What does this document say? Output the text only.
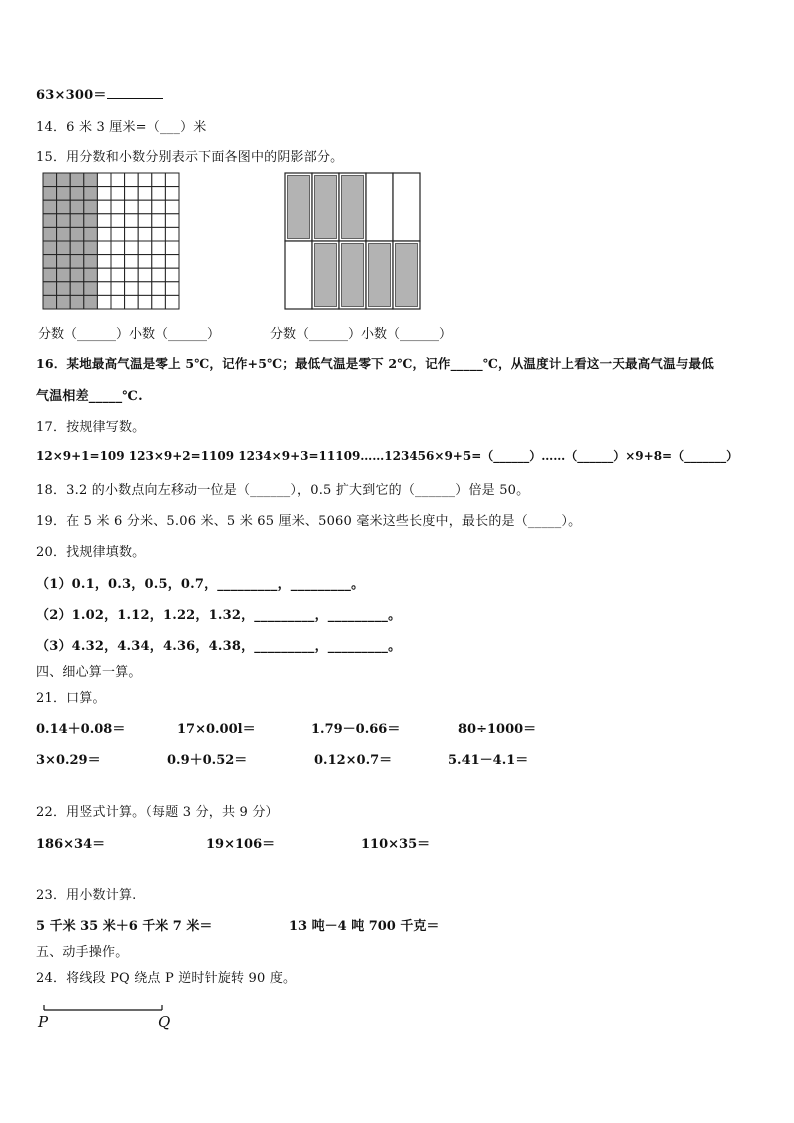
63×300＝
14．6 米 3 厘米=（___）米
15．用分数和小数分别表示下面各图中的阴影部分。
分数（______）小数（______）	分数（______）小数（______）
16．某地最高气温是零上 5℃，记作+5℃；最低气温是零下 2℃，记作_____℃，从温度计上看这一天最高气温与最低
气温相差_____℃.
17．按规律写数。
12×9+1=109 123×9+2=1109 1234×9+3=11109……123456×9+5=（______）……（______）×9+8=（_______）
18．3.2 的小数点向左移动一位是（______），0.5 扩大到它的（______）倍是 50。
19．在 5 米 6 分米、5.06 米、5 米 65 厘米、5060 毫米这些长度中，最长的是（_____）。
20．找规律填数。
（1）0.1，0.3，0.5，0.7，_________，_________。
（2）1.02，1.12，1.22，1.32，_________，_________。
（3）4.32，4.34，4.36，4.38，_________，_________。
四、细心算一算。
21．口算。
0.14＋0.08＝	17×0.00l＝	1.79－0.66＝	80÷1000＝
3×0.29＝	0.9＋0.52＝	0.12×0.7＝	5.41－4.1＝
22．用竖式计算。（每题 3 分，共 9 分）
186×34＝	19×106＝	110×35＝
23．用小数计算.
5 千米 35 米＋6 千米 7 米＝	13 吨－4 吨 700 千克＝
五、动手操作。
24．将线段 PQ 绕点 P 逆时针旋转 90 度。
P	Q
